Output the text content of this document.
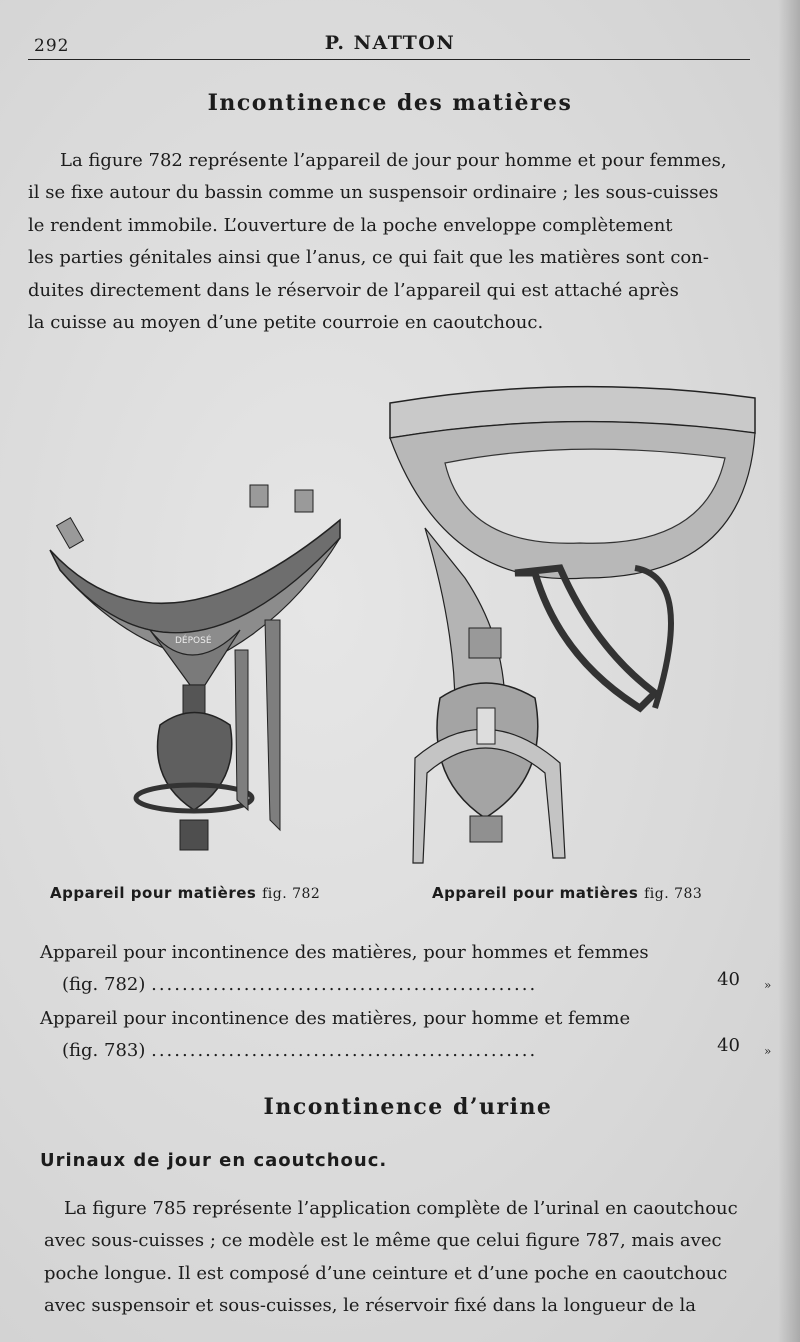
292	P. NATTON
Incontinence des matières
La figure 782 représente l’appareil de jour pour homme et pour femmes,
il se fixe autour du bassin comme un suspensoir ordinaire ; les sous-cuisses
le rendent immobile. L’ouverture de la poche enveloppe complètement
les parties génitales ainsi que l’anus, ce qui fait que les matières sont con-
duites directement dans le réservoir de l’appareil qui est attaché après
la cuisse au moyen d’une petite courroie en caoutchouc.
DÉPOSÉ
Appareil pour matières fig. 782	Appareil pour matières fig. 783
Appareil pour incontinence des matières, pour hommes et femmes
(fig. 782) ..................................................	40 »
Appareil pour incontinence des matières, pour homme et femme
(fig. 783) ..................................................	40 »
Incontinence d’urine
Urinaux de jour en caoutchouc.
La figure 785 représente l’application complète de l’urinal en caoutchouc
avec sous-cuisses ; ce modèle est le même que celui figure 787, mais avec
poche longue. Il est composé d’une ceinture et d’une poche en caoutchouc
avec suspensoir et sous-cuisses, le réservoir fixé dans la longueur de la
